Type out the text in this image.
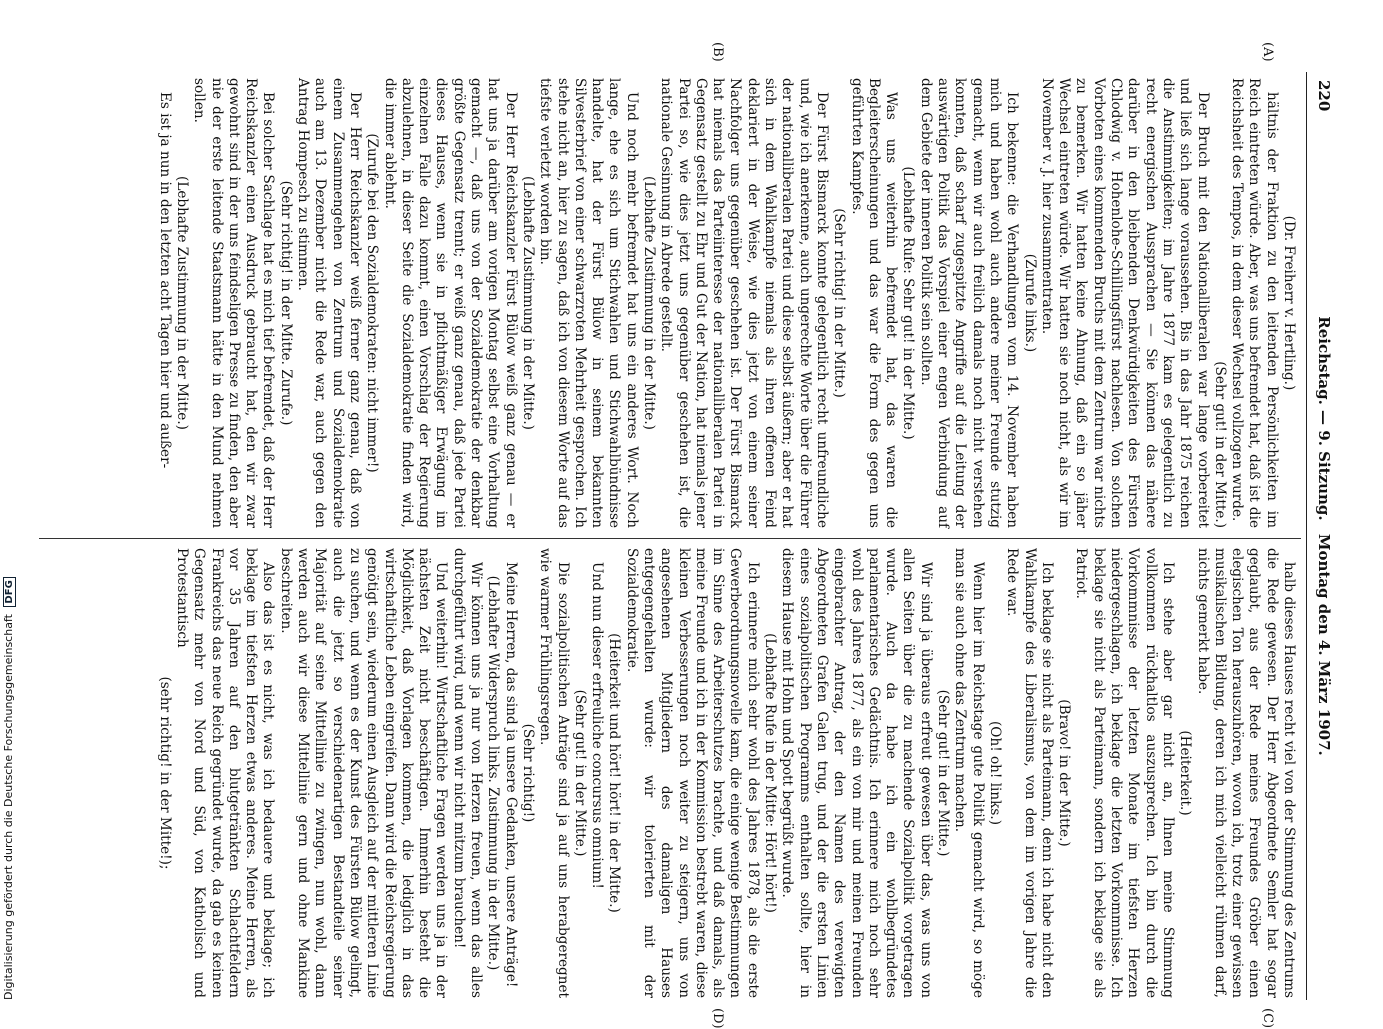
220
Reichstag. — 9. Sitzung. Montag den 4. März 1907.
(A)
(B)
(C)
(D)

(Dr. Freiherr v. Hertling.)

hältnis der Fraktion zu den leitenden Persönlichkeiten im Reich eintreten würde. Aber, was uns befremdet hat, daß ist die Reichsheit des Tempos, in dem dieser Wechsel vollzogen wurde.

(Sehr gut! in der Mitte.)

Der Bruch mit den Nationalliberalen war lange vorbereitet und ließ sich lange voraussehen. Bis in das Jahr 1875 reichen die Anstimmigkeiten; im Jahre 1877 kam es gelegentlich zu recht energischen Aussprachen — Sie können das nähere darüber in den bleibenden Denkwürdigkeiten des Fürsten Chlodwig v. Hohenlohe-Schillingsfürst nachlesen. Von solchen Vorboten eines kommenden Bruchs mit dem Zentrum war nichts zu bemerken. Wir hatten keine Ahnung, daß ein so jäher Wechsel eintreten würde. Wir hatten sie noch nicht, als wir im November v. J. hier zusammentraten.

(Zurufe links.)

Ich bekenne: die Verhandlungen vom 14. November haben mich und haben wohl auch andere meiner Freunde stutzig gemacht, wenn wir auch freilich damals noch nicht verstehen konnten, daß scharf zugespitzte Angriffe auf die Leitung der auswärtigen Politik das Vorspiel einer engen Verbindung auf dem Gebiete der inneren Politik sein sollten.

(Lebhafte Rufe: Sehr gut! in der Mitte.)

Was uns weiterhin befremdet hat, das waren die Begleiterscheinungen und das war die Form des gegen uns geführten Kampfes.

(Sehr richtig! in der Mitte.)

Der Fürst Bismarck konnte gelegentlich recht unfreundliche und, wie ich anerkenne, auch ungerechte Worte über die Führer der nationalliberalen Partei und diese selbst äußern; aber er hat sich in dem Wahlkampfe niemals als ihren offenen Feind deklariert in der Weise, wie dies jetzt von einem seiner Nachfolger uns gegenüber geschehen ist. Der Fürst Bismarck hat niemals das Parteiinteresse der nationalliberalen Partei in Gegensatz gestellt zu Ehr und Gut der Nation, hat niemals jener Partei so, wie dies jetzt uns gegenüber geschehen ist, die nationale Gesinnung in Abrede gestellt.

(Lebhafte Zustimmung in der Mitte.)

Und noch mehr befremdet hat uns ein anderes Wort. Noch lange, ehe es sich um Stichwahlen und Stichwahlbündnisse handelte, hat der Fürst Bülow in seinem bekannten Silvesterbrief von einer schwarzroten Mehrheit gesprochen. Ich stehe nicht an, hier zu sagen, daß ich von diesem Worte auf das tiefste verletzt worden bin.

(Lebhafte Zustimmung in der Mitte.)

Der Herr Reichskanzler Fürst Bülow weiß ganz genau — er hat uns ja darüber am vorigen Montag selbst eine Vorhaltung gemacht —, daß uns von der Sozialdemokratie der denkbar größte Gegensatz trennt; er weiß ganz genau, daß jede Partei dieses Hauses, wenn sie in pflichtmäßiger Erwägung im einzelnen Falle dazu kommt, einen Vorschlag der Regierung abzulehnen, in dieser Seite die Sozialdemokratie finden wird, die immer ablehnt.

(Zurufe bei den Sozialdemokraten: nicht immer!)

Der Herr Reichskanzler weiß ferner ganz genau, daß von einem Zusammengehen von Zentrum und Sozialdemokratie auch am 13. Dezember nicht die Rede war, auch gegen den Antrag Hompesch zu stimmen.

(Sehr richtig! in der Mitte. Zurufe.)

Bei solcher Sachlage hat es mich tief befremdet, daß der Herr Reichskanzler einen Ausdruck gebraucht hat, den wir zwar gewohnt sind in der uns feindseligen Presse zu finden, den aber nie der erste leitende Staatsmann hätte in den Mund nehmen sollen.

(Lebhafte Zustimmung in der Mitte.)

Es ist ja nun in den letzten acht Tagen hier und außer-

halb dieses Hauses recht viel von der Stimmung des Zentrums die Rede gewesen. Der Herr Abgeordnete Semler hat sogar geglaubt, aus der Rede meines Freundes Gröber einen elegischen Ton herauszuhören, wovon ich, trotz einer gewissen musikalischen Bildung, deren ich mich vielleicht rühmen darf, nichts gemerkt habe.

(Heiterkeit.)

Ich stehe aber gar nicht an, Ihnen meine Stimmung vollkommen rückhaltlos auszusprechen. Ich bin durch die Vorkommnisse der letzten Monate im tiefsten Herzen niedergeschlagen, ich beklage die letzten Vorkommnisse. Ich beklage sie nicht als Parteimann, sondern ich beklage sie als Patriot.

(Bravo! in der Mitte.)

Ich beklage sie nicht als Parteimann, denn ich habe nicht den Wahlkampfe des Liberalismus, von dem im vorigen Jahre die Rede war.

(Oh! oh! links.)

Wenn hier im Reichstage gute Politik gemacht wird, so möge man sie auch ohne das Zentrum machen.

(Sehr gut! in der Mitte.)

Wir sind ja überaus erfreut gewesen über das, was uns von allen Seiten über die zu machende Sozialpolitik vorgetragen wurde. Auch da habe ich ein wohlbegründetes parlamentarisches Gedächtnis. Ich erinnere mich noch sehr wohl des Jahres 1877, als ein von mir und meinen Freunden eingebrachter Antrag, der den Namen des verewigten Abgeordneten Grafen Galen trug, und der die ersten Linien eines sozialpolitischen Programms enthalten sollte, hier in diesem Hause mit Hohn und Spott begrüßt wurde.

(Lebhafte Rufe in der Mitte: Hört! hört!)

Ich erinnere mich sehr wohl des Jahres 1878, als die erste Gewerbeordnungsnovelle kam, die einige wenige Bestimmungen im Sinne des Arbeiterschutzes brachte, und daß damals, als meine Freunde und ich in der Kommission bestrebt waren, diese kleinen Verbesserungen noch weiter zu steigern, uns von angesehenen Mitgliedern des damaligen Hauses entgegengehalten wurde: wir tolerierten mit der Sozialdemokratie.

(Heiterkeit und hört! hört! in der Mitte.)

Und nun dieser erfreuliche concursus omnium!

(Sehr gut! in der Mitte.)

Die sozialpolitischen Anträge sind ja auf uns herabgeregnet wie warmer Frühlingsregen.

(Sehr richtig!)

Meine Herren, das sind ja unsere Gedanken, unsere Anträge!

(Lebhafter Widerspruch links. Zustimmung in der Mitte.)

Wir können uns ja nur von Herzen freuen, wenn das alles durchgeführt wird, und wenn wir nicht mitzum brauchen!

Und weiterhin! Wirtschaftliche Fragen werden uns ja in der nächsten Zeit nicht beschäftigen. Immerhin besteht die Möglichkeit, daß Vorlagen kommen, die lediglich in das wirtschaftliche Leben eingreifen. Dann wird die Reichsregierung genötigt sein, wiederum einen Ausgleich auf der mittleren Linie zu suchen, und wenn es der Kunst des Fürsten Bülow gelingt, auch die jetzt so verschiedenartigen Bestandteile seiner Majorität auf seine Mittellinie zu zwingen, nun wohl, dann werden auch wir diese Mittellinie gern und ohne Mankine beschreiten.

Also das ist es nicht, was ich bedauere und beklage; ich beklage im tiefsten Herzen etwas anderes. Meine Herren, als vor 35 Jahren auf den blutgetränkten Schlachtfeldern Frankreichs das neue Reich gegründet wurde, da gab es keinen Gegensatz mehr von Nord und Süd, von Katholisch und Protestantisch

(sehr richtig! in der Mitte!);

Digitalisierung gefördert durch die Deutsche Forschungsgemeinschaft DFG
